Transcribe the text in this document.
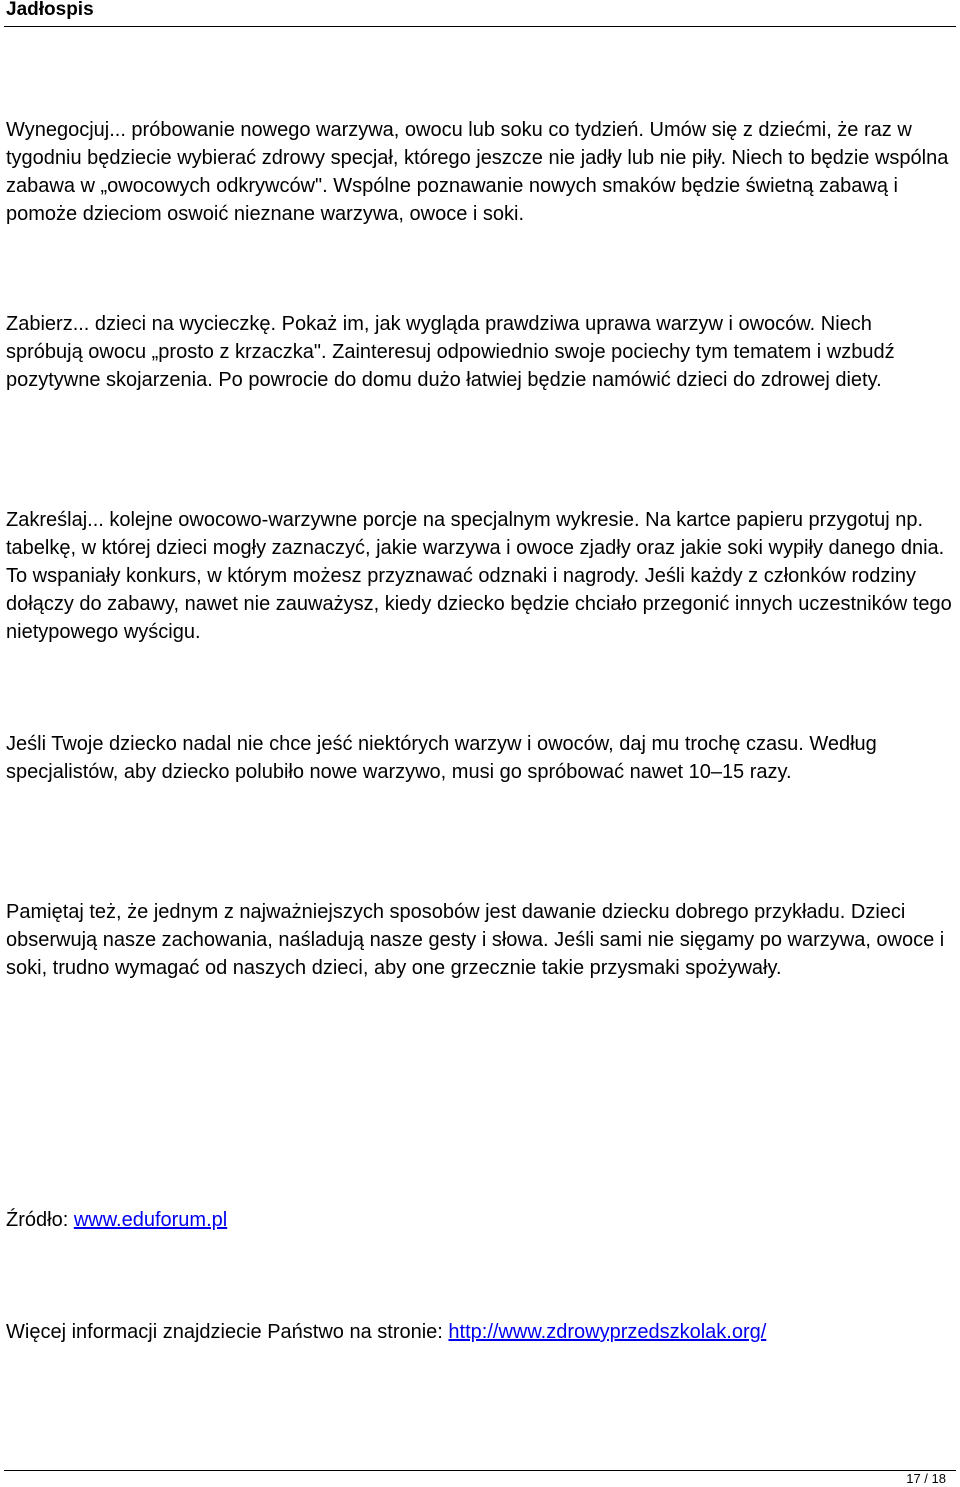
Jadłospis

Wynegocjuj... próbowanie nowego warzywa, owocu lub soku co tydzień. Umów się z dziećmi, że raz w tygodniu będziecie wybierać zdrowy specjał, którego jeszcze nie jadły lub nie piły. Niech to będzie wspólna zabawa w „owocowych odkrywców". Wspólne poznawanie nowych smaków będzie świetną zabawą i pomoże dzieciom oswoić nieznane warzywa, owoce i soki.

Zabierz... dzieci na wycieczkę. Pokaż im, jak wygląda prawdziwa uprawa warzyw i owoców. Niech spróbują owocu „prosto z krzaczka". Zainteresuj odpowiednio swoje pociechy tym tematem i wzbudź pozytywne skojarzenia. Po powrocie do domu dużo łatwiej będzie namówić dzieci do zdrowej diety.

Zakreślaj... kolejne owocowo-warzywne porcje na specjalnym wykresie. Na kartce papieru przygotuj np. tabelkę, w której dzieci mogły zaznaczyć, jakie warzywa i owoce zjadły oraz jakie soki wypiły danego dnia. To wspaniały konkurs, w którym możesz przyznawać odznaki i nagrody. Jeśli każdy z członków rodziny dołączy do zabawy, nawet nie zauważysz, kiedy dziecko będzie chciało przegonić innych uczestników tego nietypowego wyścigu.

Jeśli Twoje dziecko nadal nie chce jeść niektórych warzyw i owoców, daj mu trochę czasu. Według specjalistów, aby dziecko polubiło nowe warzywo, musi go spróbować nawet 10–15 razy.

Pamiętaj też, że jednym z najważniejszych sposobów jest dawanie dziecku dobrego przykładu. Dzieci obserwują nasze zachowania, naśladują nasze gesty i słowa. Jeśli sami nie sięgamy po warzywa, owoce i soki, trudno wymagać od naszych dzieci, aby one grzecznie takie przysmaki spożywały.

Źródło: www.eduforum.pl

Więcej informacji znajdziecie Państwo na stronie: http://www.zdrowyprzedszkolak.org/

17 / 18
